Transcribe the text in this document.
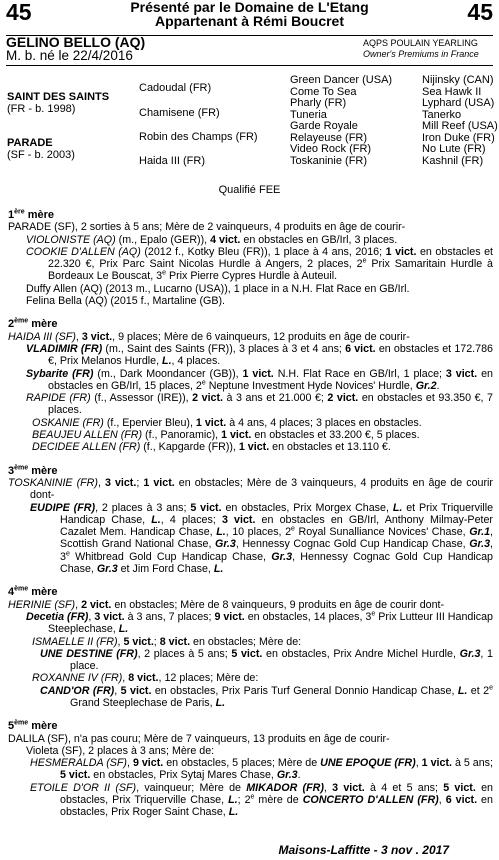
45	Présenté par le Domaine de L'Etang
Appartenant à Rémi Boucret	45
GELINO BELLO (AQ)
M. b. né le 22/4/2016
AQPS POULAIN YEARLING
Owner's Premiums in France
SAINT DES SAINTS
(FR - b. 1998)
PARADE
(SF - b. 2003)
Cadoudal (FR)
Chamisene (FR)
Robin des Champs (FR)
Haida III (FR)
Green Dancer (USA)
Come To Sea
Pharly (FR)
Tuneria
Garde Royale
Relayeuse (FR)
Video Rock (FR)
Toskaninie (FR)
Nijinsky (CAN)
Sea Hawk II
Lyphard (USA)
Tanerko
Mill Reef (USA)
Iron Duke (FR)
No Lute (FR)
Kashnil (FR)
Qualifié FEE
1ère mère

PARADE (SF), 2 sorties à 5 ans; Mère de 2 vainqueurs, 4 produits en âge de courir-

VIOLONISTE (AQ) (m., Epalo (GER)), 4 vict. en obstacles en GB/Irl, 3 places.

COOKIE D'ALLEN (AQ) (2012 f., Kotky Bleu (FR)), 1 place à 4 ans, 2016; 1 vict. en obstacles et 22.320 €, Prix Parc Saint Nicolas Hurdle à Angers, 2 places, 2e Prix Samaritain Hurdle à Bordeaux Le Bouscat, 3e Prix Pierre Cypres Hurdle à Auteuil.

Duffy Allen (AQ) (2013 m., Lucarno (USA)), 1 place in a N.H. Flat Race en GB/Irl.

Felina Bella (AQ) (2015 f., Martaline (GB).

2ème mère

HAIDA III (SF), 3 vict., 9 places; Mère de 6 vainqueurs, 12 produits en âge de courir-

VLADIMIR (FR) (m., Saint des Saints (FR)), 3 places à 3 et 4 ans; 6 vict. en obstacles et 172.786 €, Prix Melanos Hurdle, L., 4 places.

Sybarite (FR) (m., Dark Moondancer (GB)), 1 vict. N.H. Flat Race en GB/Irl, 1 place; 3 vict. en obstacles en GB/Irl, 15 places, 2e Neptune Investment Hyde Novices' Hurdle, Gr.2.

RAPIDE (FR) (f., Assessor (IRE)), 2 vict. à 3 ans et 21.000 €; 2 vict. en obstacles et 93.350 €, 7 places.

OSKANIE (FR) (f., Epervier Bleu), 1 vict. à 4 ans, 4 places; 3 places en obstacles.

BEAUJEU ALLEN (FR) (f., Panoramic), 1 vict. en obstacles et 33.200 €, 5 places.

DECIDEE ALLEN (FR) (f., Kapgarde (FR)), 1 vict. en obstacles et 13.110 €.

3ème mère

TOSKANINIE (FR), 3 vict.; 1 vict. en obstacles; Mère de 3 vainqueurs, 4 produits en âge de courir dont-

EUDIPE (FR), 2 places à 3 ans; 5 vict. en obstacles, Prix Morgex Chase, L. et Prix Triquerville Handicap Chase, L., 4 places; 3 vict. en obstacles en GB/Irl, Anthony Milmay-Peter Cazalet Mem. Handicap Chase, L., 10 places, 2e Royal Sunalliance Novices' Chase, Gr.1, Scottish Grand National Chase, Gr.3, Hennessy Cognac Gold Cup Handicap Chase, Gr.3, 3e Whitbread Gold Cup Handicap Chase, Gr.3, Hennessy Cognac Gold Cup Handicap Chase, Gr.3 et Jim Ford Chase, L.

4ème mère

HERINIE (SF), 2 vict. en obstacles; Mère de 8 vainqueurs, 9 produits en âge de courir dont-

Decetia (FR), 3 vict. à 3 ans, 7 places; 9 vict. en obstacles, 14 places, 3e Prix Lutteur III Handicap Steeplechase, L.

ISMAELLE II (FR), 5 vict.; 8 vict. en obstacles; Mère de:

UNE DESTINE (FR), 2 places à 5 ans; 5 vict. en obstacles, Prix Andre Michel Hurdle, Gr.3, 1 place.

ROXANNE IV (FR), 8 vict., 12 places; Mère de:

CAND'OR (FR), 5 vict. en obstacles, Prix Paris Turf General Donnio Handicap Chase, L. et 2e Grand Steeplechase de Paris, L.

5ème mère

DALILA (SF), n'a pas couru; Mère de 7 vainqueurs, 13 produits en âge de courir-

Violeta (SF), 2 places à 3 ans; Mère de:

HESMERALDA (SF), 9 vict. en obstacles, 5 places; Mère de UNE EPOQUE (FR), 1 vict. à 5 ans; 5 vict. en obstacles, Prix Sytaj Mares Chase, Gr.3.

ETOILE D'OR II (SF), vainqueur; Mère de MIKADOR (FR), 3 vict. à 4 et 5 ans; 5 vict. en obstacles, Prix Triquerville Chase, L.; 2e mère de CONCERTO D'ALLEN (FR), 6 vict. en obstacles, Prix Roger Saint Chase, L.

Maisons-Laffitte - 3 nov . 2017
